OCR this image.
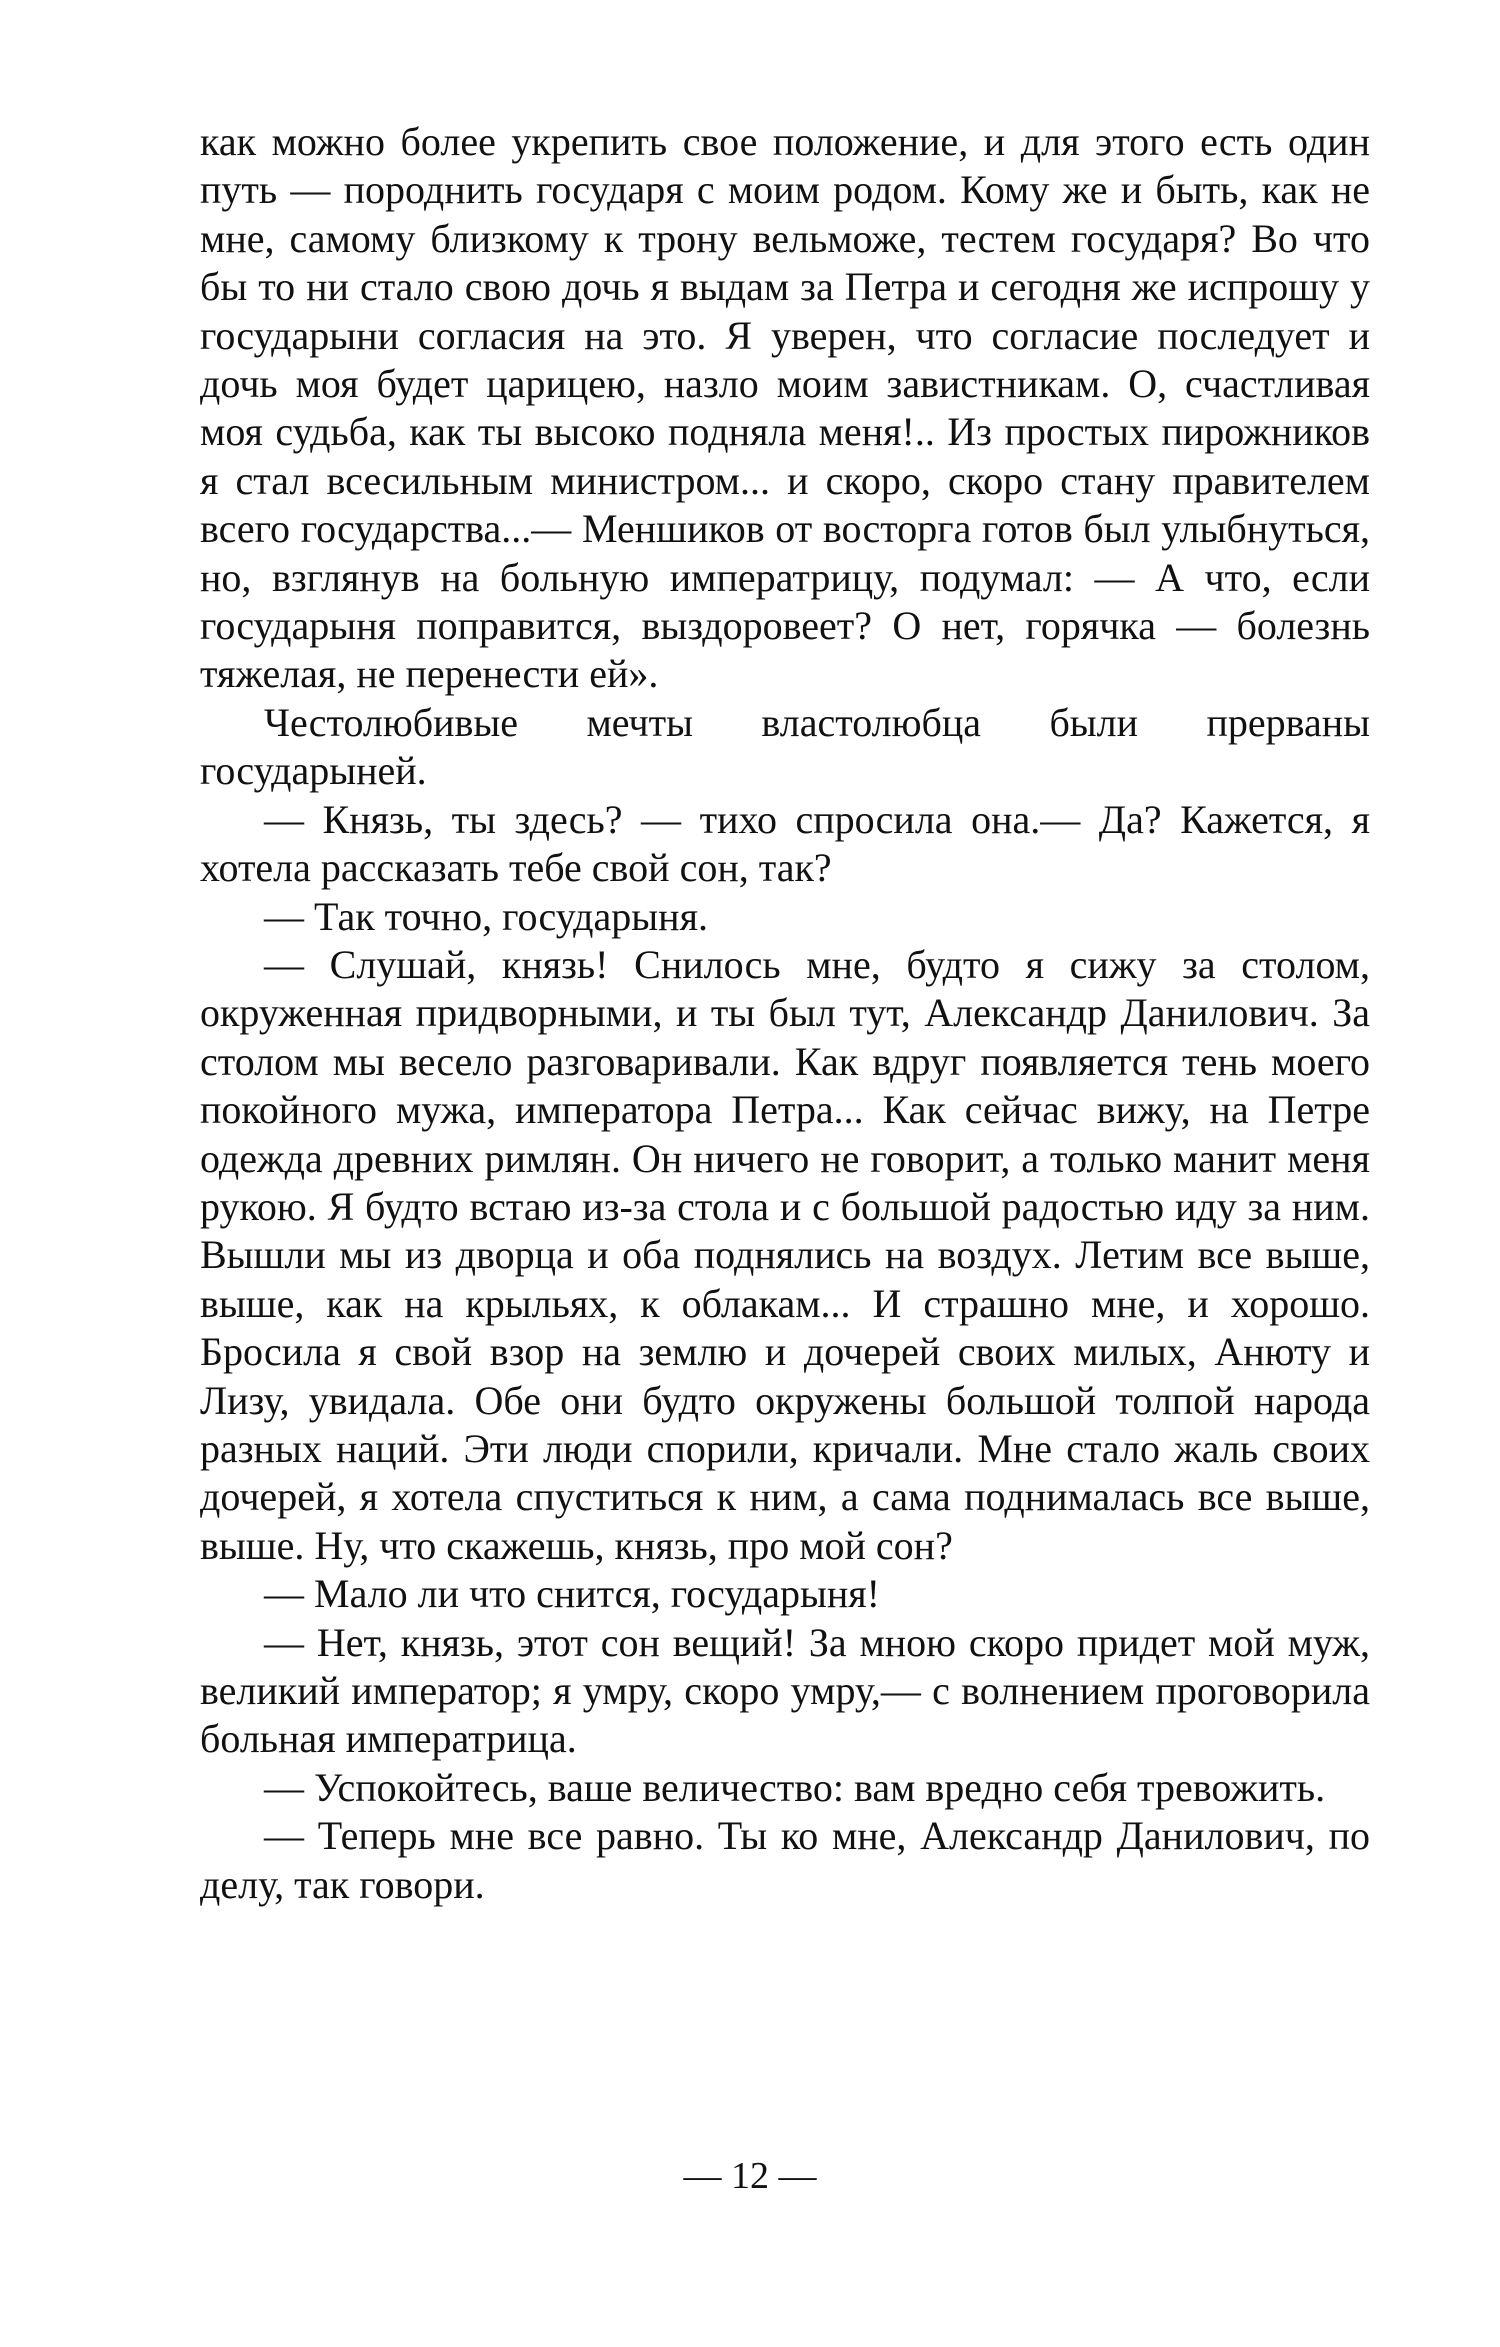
как можно более укрепить свое положение, и для этого есть один путь — породнить государя с моим родом. Кому же и быть, как не мне, самому близкому к трону вельможе, тестем государя? Во что бы то ни стало свою дочь я выдам за Петра и сегодня же испрошу у государыни согласия на это. Я уверен, что согласие последует и дочь моя будет царицею, назло моим завистникам. О, счастливая моя судьба, как ты высоко подняла меня!.. Из простых пирожников я стал всесильным министром... и скоро, скоро стану правителем всего государства...— Меншиков от восторга готов был улыбнуться, но, взглянув на больную императрицу, подумал: — А что, если государыня поправится, выздоровеет? О нет, горячка — болезнь тяжелая, не перенести ей».

Честолюбивые мечты властолюбца были прерваны государыней.

— Князь, ты здесь? — тихо спросила она.— Да? Кажется, я хотела рассказать тебе свой сон, так?

— Так точно, государыня.

— Слушай, князь! Снилось мне, будто я сижу за столом, окруженная придворными, и ты был тут, Александр Данилович. За столом мы весело разговаривали. Как вдруг появляется тень моего покойного мужа, императора Петра... Как сейчас вижу, на Петре одежда древних римлян. Он ничего не говорит, а только манит меня рукою. Я будто встаю из-за стола и с большой радостью иду за ним. Вышли мы из дворца и оба поднялись на воздух. Летим все выше, выше, как на крыльях, к облакам... И страшно мне, и хорошо. Бросила я свой взор на землю и дочерей своих милых, Анюту и Лизу, увидала. Обе они будто окружены большой толпой народа разных наций. Эти люди спорили, кричали. Мне стало жаль своих дочерей, я хотела спуститься к ним, а сама поднималась все выше, выше. Ну, что скажешь, князь, про мой сон?

— Мало ли что снится, государыня!

— Нет, князь, этот сон вещий! За мною скоро придет мой муж, великий император; я умру, скоро умру,— с волнением проговорила больная императрица.

— Успокойтесь, ваше величество: вам вредно себя тревожить.

— Теперь мне все равно. Ты ко мне, Александр Данилович, по делу, так говори.

— 12 —
